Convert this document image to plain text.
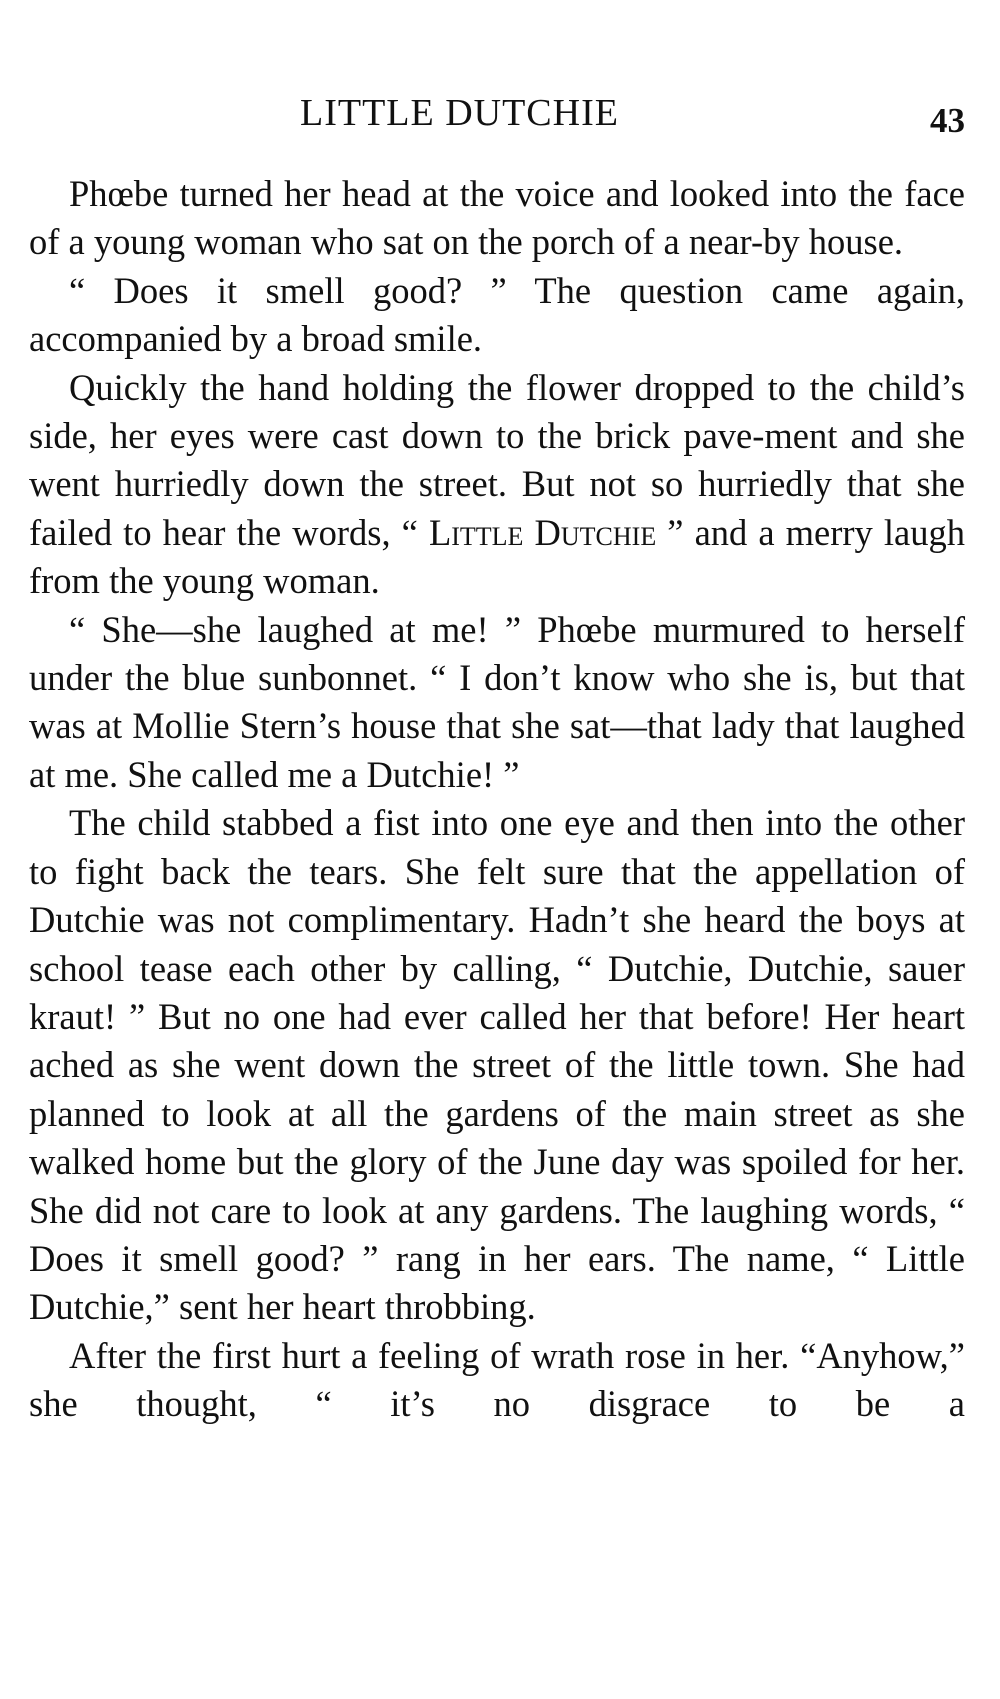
LITTLE DUTCHIE	43

Phœbe turned her head at the voice and looked into the face of a young woman who sat on the porch of a near-by house.

“ Does it smell good? ” The question came again, accompanied by a broad smile.

Quickly the hand holding the flower dropped to the child’s side, her eyes were cast down to the brick pave-ment and she went hurriedly down the street. But not so hurriedly that she failed to hear the words, “ Little Dutchie ” and a merry laugh from the young woman.

“ She—she laughed at me! ” Phœbe murmured to herself under the blue sunbonnet. “ I don’t know who she is, but that was at Mollie Stern’s house that she sat—that lady that laughed at me. She called me a Dutchie! ”

The child stabbed a fist into one eye and then into the other to fight back the tears. She felt sure that the appellation of Dutchie was not complimentary. Hadn’t she heard the boys at school tease each other by calling, “ Dutchie, Dutchie, sauer kraut! ” But no one had ever called her that before! Her heart ached as she went down the street of the little town. She had planned to look at all the gardens of the main street as she walked home but the glory of the June day was spoiled for her. She did not care to look at any gardens. The laughing words, “ Does it smell good? ” rang in her ears. The name, “ Little Dutchie,” sent her heart throbbing.

After the first hurt a feeling of wrath rose in her. “Anyhow,” she thought, “ it’s no disgrace to be a
